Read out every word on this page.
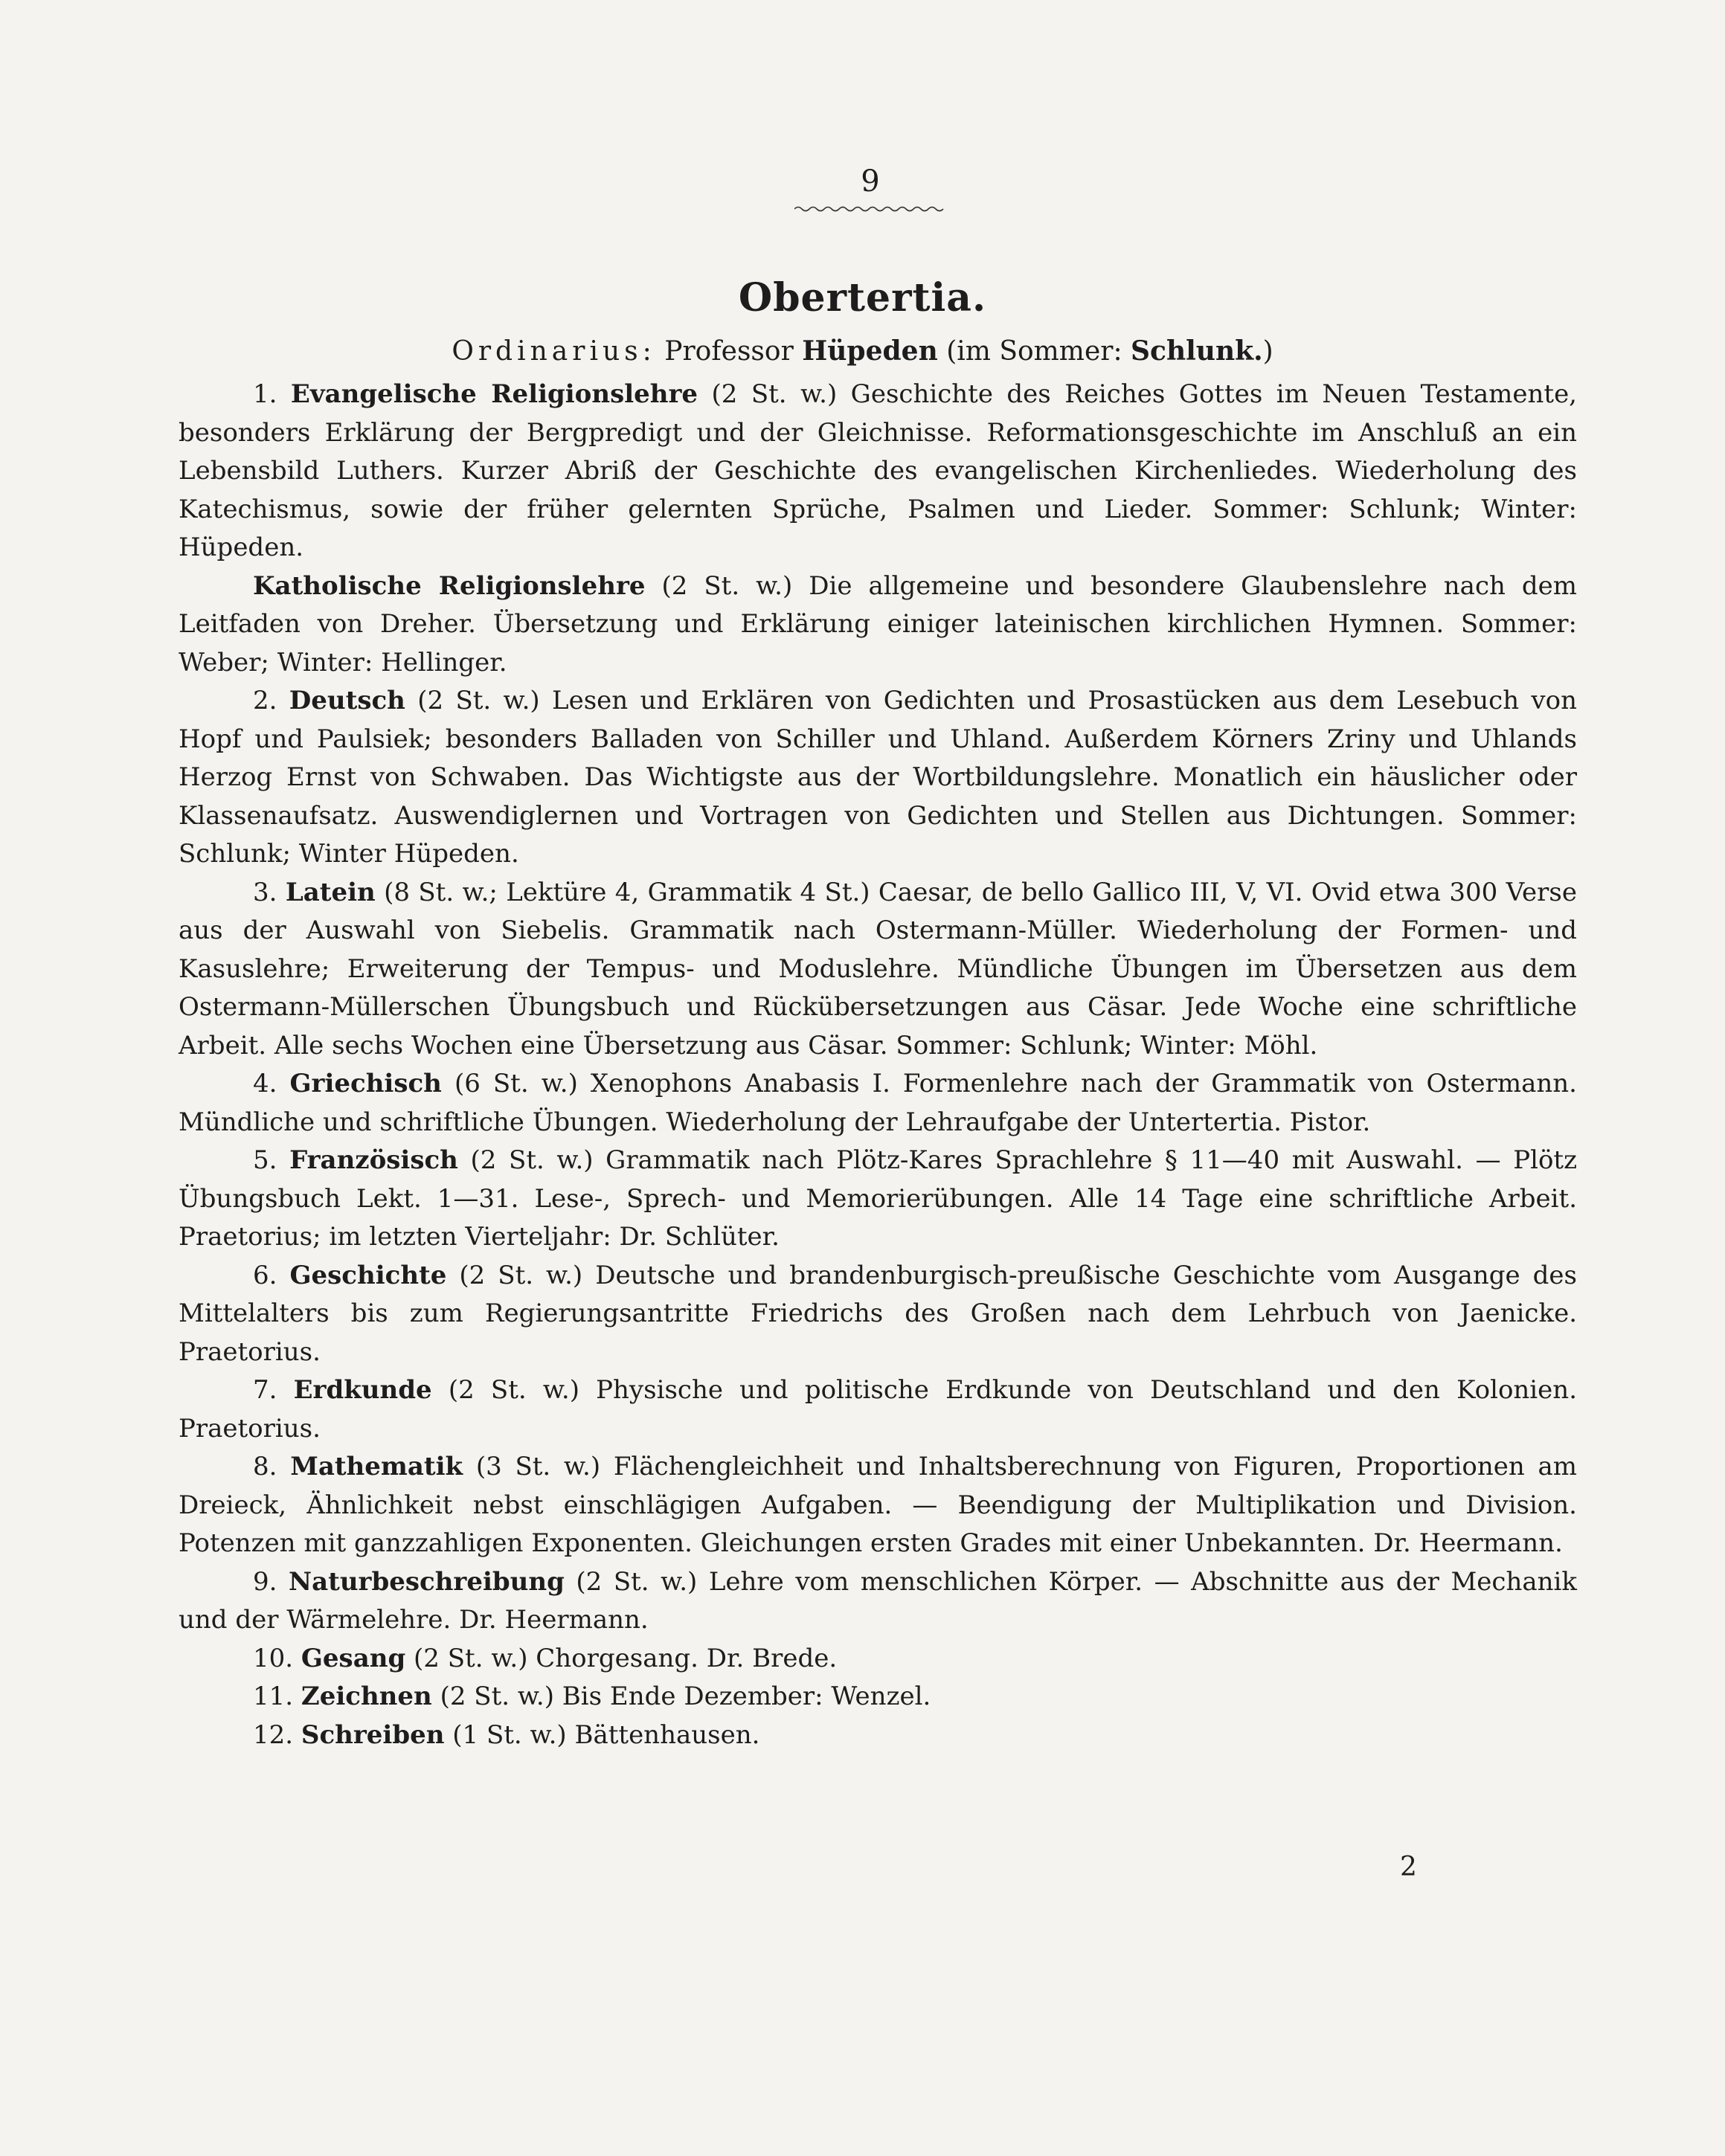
9
Obertertia.
Ordinarius: Professor Hüpeden (im Sommer: Schlunk.)

1. Evangelische Religionslehre (2 St. w.) Geschichte des Reiches Gottes im Neuen Testamente, besonders Erklärung der Bergpredigt und der Gleichnisse. Reformationsgeschichte im Anschluß an ein Lebensbild Luthers. Kurzer Abriß der Geschichte des evangelischen Kirchenliedes. Wiederholung des Katechismus, sowie der früher gelernten Sprüche, Psalmen und Lieder. Sommer: Schlunk; Winter: Hüpeden.

Katholische Religionslehre (2 St. w.) Die allgemeine und besondere Glaubenslehre nach dem Leitfaden von Dreher. Übersetzung und Erklärung einiger lateinischen kirchlichen Hymnen. Sommer: Weber; Winter: Hellinger.

2. Deutsch (2 St. w.) Lesen und Erklären von Gedichten und Prosastücken aus dem Lesebuch von Hopf und Paulsiek; besonders Balladen von Schiller und Uhland. Außerdem Körners Zriny und Uhlands Herzog Ernst von Schwaben. Das Wichtigste aus der Wortbildungslehre. Monatlich ein häuslicher oder Klassenaufsatz. Auswendiglernen und Vortragen von Gedichten und Stellen aus Dichtungen. Sommer: Schlunk; Winter Hüpeden.

3. Latein (8 St. w.; Lektüre 4, Grammatik 4 St.) Caesar, de bello Gallico III, V, VI. Ovid etwa 300 Verse aus der Auswahl von Siebelis. Grammatik nach Ostermann-Müller. Wiederholung der Formen- und Kasuslehre; Erweiterung der Tempus- und Moduslehre. Mündliche Übungen im Übersetzen aus dem Ostermann-Müllerschen Übungsbuch und Rückübersetzungen aus Cäsar. Jede Woche eine schriftliche Arbeit. Alle sechs Wochen eine Übersetzung aus Cäsar. Sommer: Schlunk; Winter: Möhl.

4. Griechisch (6 St. w.) Xenophons Anabasis I. Formenlehre nach der Grammatik von Ostermann. Mündliche und schriftliche Übungen. Wiederholung der Lehraufgabe der Untertertia. Pistor.

5. Französisch (2 St. w.) Grammatik nach Plötz-Kares Sprachlehre § 11—40 mit Auswahl. — Plötz Übungsbuch Lekt. 1—31. Lese-, Sprech- und Memorierübungen. Alle 14 Tage eine schriftliche Arbeit. Praetorius; im letzten Vierteljahr: Dr. Schlüter.

6. Geschichte (2 St. w.) Deutsche und brandenburgisch-preußische Geschichte vom Ausgange des Mittelalters bis zum Regierungsantritte Friedrichs des Großen nach dem Lehrbuch von Jaenicke. Praetorius.

7. Erdkunde (2 St. w.) Physische und politische Erdkunde von Deutschland und den Kolonien. Praetorius.

8. Mathematik (3 St. w.) Flächengleichheit und Inhaltsberechnung von Figuren, Proportionen am Dreieck, Ähnlichkeit nebst einschlägigen Aufgaben. — Beendigung der Multiplikation und Division. Potenzen mit ganzzahligen Exponenten. Gleichungen ersten Grades mit einer Unbekannten. Dr. Heermann.

9. Naturbeschreibung (2 St. w.) Lehre vom menschlichen Körper. — Abschnitte aus der Mechanik und der Wärmelehre. Dr. Heermann.

10. Gesang (2 St. w.) Chorgesang. Dr. Brede.

11. Zeichnen (2 St. w.) Bis Ende Dezember: Wenzel.

12. Schreiben (1 St. w.) Bättenhausen.

2
